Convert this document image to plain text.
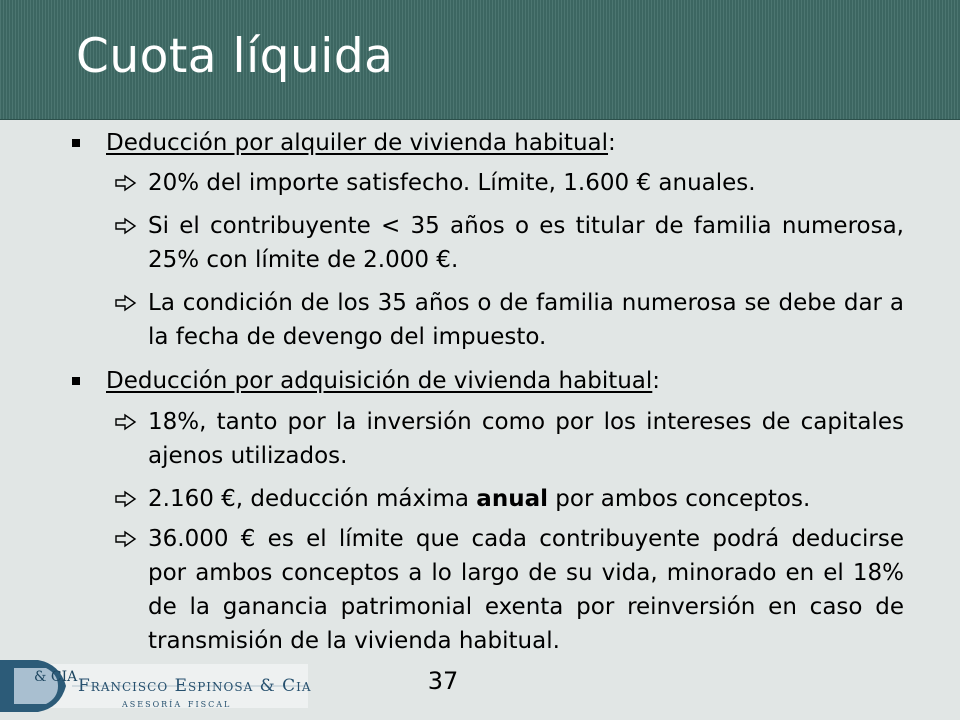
Cuota líquida
Deducción por alquiler de vivienda habitual:
20% del importe satisfecho. Límite, 1.600 € anuales.
Si el contribuyente < 35 años o es titular de familia numerosa, 25% con límite de 2.000 €.
La condición de los 35 años o de familia numerosa se debe dar a la fecha de devengo del impuesto.
Deducción por adquisición de vivienda habitual:
18%, tanto por la inversión como por los intereses de capitales ajenos utilizados.
2.160 €, deducción máxima anual por ambos conceptos.
36.000 € es el límite que cada contribuyente podrá deducirse por ambos conceptos a lo largo de su vida, minorado en el 18% de la ganancia patrimonial exenta por reinversión en caso de transmisión de la vivienda habitual.
37
& CIA Francisco Espinosa & Cia
asesoría fiscal
